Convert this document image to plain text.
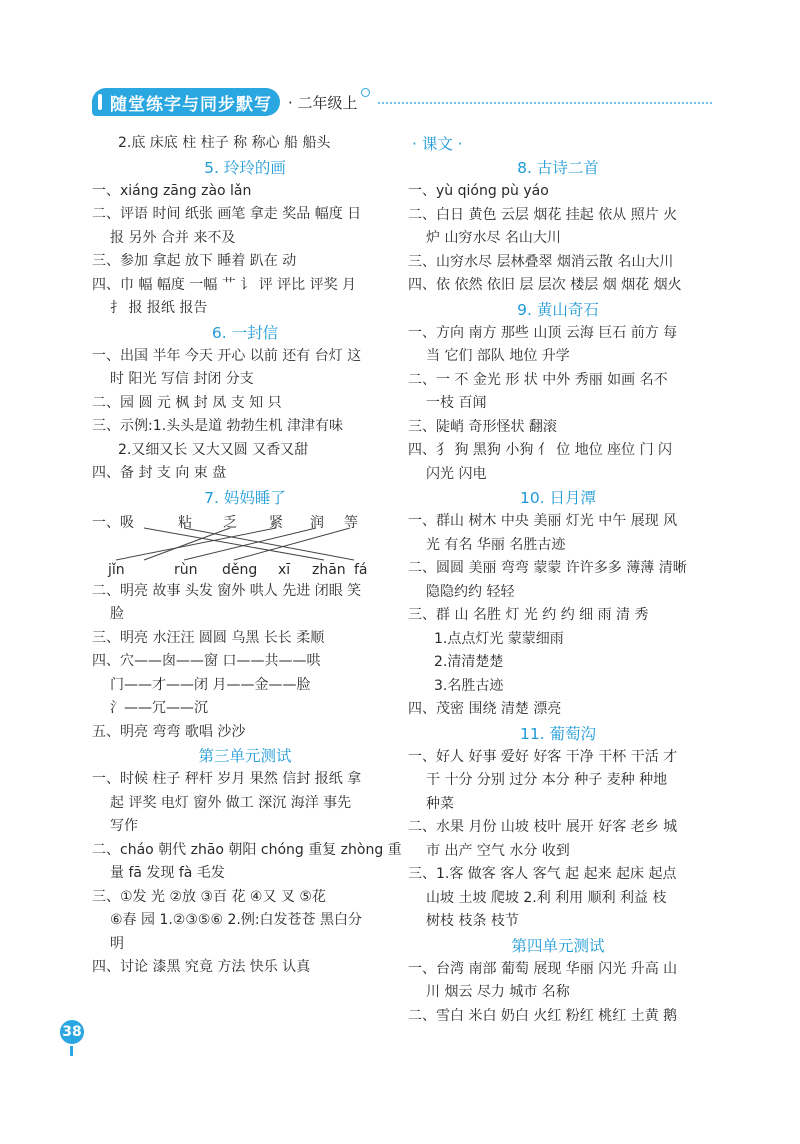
随堂练字与同步默写 · 二年级上
2.底 床底 柱 柱子 称 称心 船 船头
5. 玲玲的画
一、xiáng zāng zào lǎn
二、评语 时间 纸张 画笔 拿走 奖品 幅度 日
报 另外 合并 来不及
三、参加 拿起 放下 睡着 趴在 动
四、巾 幅 幅度 一幅 艹 讠 评 评比 评奖 月
扌 报 报纸 报告
6. 一封信
一、出国 半年 今天 开心 以前 还有 台灯 这
时 阳光 写信 封闭 分支
二、园 圆 元 枫 封 凤 支 知 只
三、示例:1.头头是道 勃勃生机 津津有味
2.又细又长 又大又圆 又香又甜
四、备 封 支 向 束 盘
7. 妈妈睡了
一、吸	粘 乏 紧 润 等
jǐn	rùn děng xī zhān fá
二、明亮 故事 头发 窗外 哄人 先进 闭眼 笑
脸
三、明亮 水汪汪 圆圆 乌黑 长长 柔顺
四、穴——囱——窗 口——共——哄
门——才——闭 月——金——脸
氵——冗——沉
五、明亮 弯弯 歌唱 沙沙
第三单元测试
一、时候 柱子 秤杆 岁月 果然 信封 报纸 拿
起 评奖 电灯 窗外 做工 深沉 海洋 事先
写作
二、cháo 朝代 zhāo 朝阳 chóng 重复 zhòng 重
量 fā 发现 fà 毛发
三、①发 光 ②放 ③百 花 ④又 叉 ⑤花
⑥春 园 1.②③⑤⑥ 2.例:白发苍苍 黑白分
明
四、讨论 漆黑 究竟 方法 快乐 认真
· 课文 ·
8. 古诗二首
一、yù qióng pù yáo
二、白日 黄色 云层 烟花 挂起 依从 照片 火
炉 山穷水尽 名山大川
三、山穷水尽 层林叠翠 烟消云散 名山大川
四、依 依然 依旧 层 层次 楼层 烟 烟花 烟火
9. 黄山奇石
一、方向 南方 那些 山顶 云海 巨石 前方 每
当 它们 部队 地位 升学
二、一 不 金光 形 状 中外 秀丽 如画 名不
一枝 百闻
三、陡峭 奇形怪状 翻滚
四、犭 狗 黑狗 小狗 亻 位 地位 座位 门 闪
闪光 闪电
10. 日月潭
一、群山 树木 中央 美丽 灯光 中午 展现 风
光 有名 华丽 名胜古迹
二、圆圆 美丽 弯弯 蒙蒙 许许多多 薄薄 清晰
隐隐约约 轻轻
三、群 山 名胜 灯 光 约 约 细 雨 清 秀
1.点点灯光 蒙蒙细雨
2.清清楚楚
3.名胜古迹
四、茂密 围绕 清楚 漂亮
11. 葡萄沟
一、好人 好事 爱好 好客 干净 干杯 干活 才
干 十分 分别 过分 本分 种子 麦种 种地
种菜
二、水果 月份 山坡 枝叶 展开 好客 老乡 城
市 出产 空气 水分 收到
三、1.客 做客 客人 客气 起 起来 起床 起点
山坡 土坡 爬坡 2.利 利用 顺利 利益 枝
树枝 枝条 枝节
第四单元测试
一、台湾 南部 葡萄 展现 华丽 闪光 升高 山
川 烟云 尽力 城市 名称
二、雪白 米白 奶白 火红 粉红 桃红 土黄 鹅
38
